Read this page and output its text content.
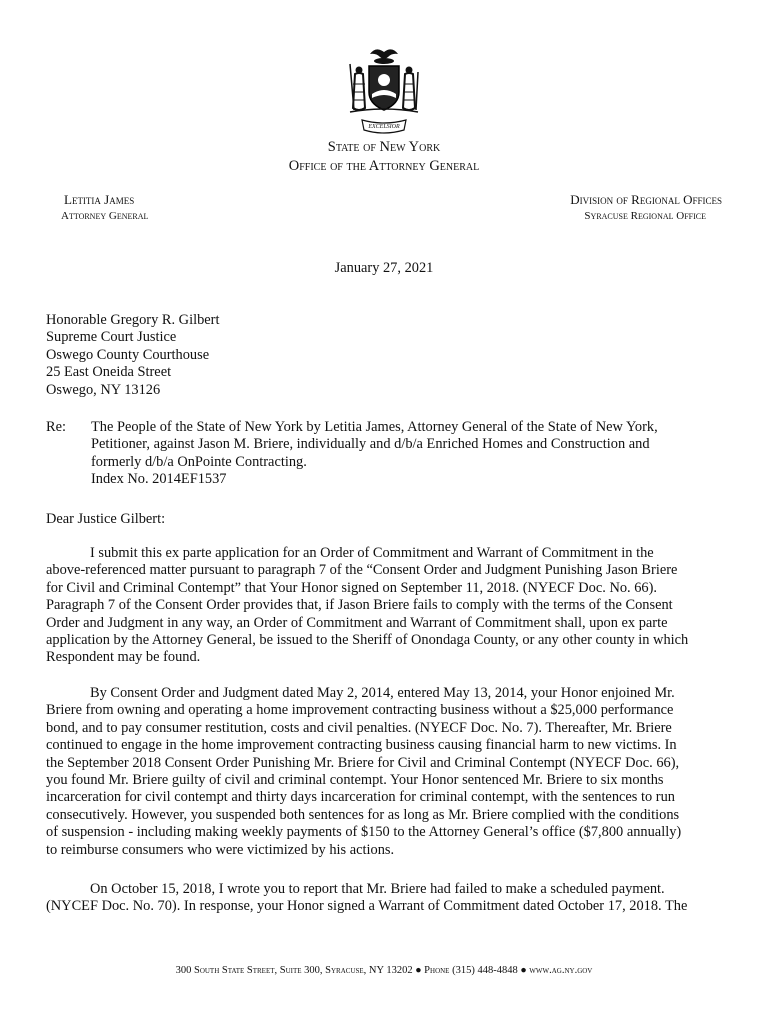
EXCELSIOR
State of New York
Office of the Attorney General
Letitia James
Attorney General
Division of Regional Offices
Syracuse Regional Office
January 27, 2021
Honorable Gregory R. Gilbert
Supreme Court Justice
Oswego County Courthouse
25 East Oneida Street
Oswego, NY 13126
Re: The People of the State of New York by Letitia James, Attorney General of the State of New York,
Petitioner, against Jason M. Briere, individually and d/b/a Enriched Homes and Construction and
formerly d/b/a OnPointe Contracting.
Index No. 2014EF1537
Dear Justice Gilbert:

I submit this ex parte application for an Order of Commitment and Warrant of Commitment in the
above-referenced matter pursuant to paragraph 7 of the “Consent Order and Judgment Punishing Jason Briere
for Civil and Criminal Contempt” that Your Honor signed on September 11, 2018. (NYECF Doc. No. 66).
Paragraph 7 of the Consent Order provides that, if Jason Briere fails to comply with the terms of the Consent
Order and Judgment in any way, an Order of Commitment and Warrant of Commitment shall, upon ex parte
application by the Attorney General, be issued to the Sheriff of Onondaga County, or any other county in which
Respondent may be found.

By Consent Order and Judgment dated May 2, 2014, entered May 13, 2014, your Honor enjoined Mr.
Briere from owning and operating a home improvement contracting business without a $25,000 performance
bond, and to pay consumer restitution, costs and civil penalties. (NYECF Doc. No. 7). Thereafter, Mr. Briere
continued to engage in the home improvement contracting business causing financial harm to new victims. In
the September 2018 Consent Order Punishing Mr. Briere for Civil and Criminal Contempt (NYECF Doc. 66),
you found Mr. Briere guilty of civil and criminal contempt. Your Honor sentenced Mr. Briere to six months
incarceration for civil contempt and thirty days incarceration for criminal contempt, with the sentences to run
consecutively. However, you suspended both sentences for as long as Mr. Briere complied with the conditions
of suspension - including making weekly payments of $150 to the Attorney General’s office ($7,800 annually)
to reimburse consumers who were victimized by his actions.

On October 15, 2018, I wrote you to report that Mr. Briere had failed to make a scheduled payment.
(NYCEF Doc. No. 70). In response, your Honor signed a Warrant of Commitment dated October 17, 2018. The

300 South State Street, Suite 300, Syracuse, NY 13202 ● Phone (315) 448-4848 ● www.ag.ny.gov
